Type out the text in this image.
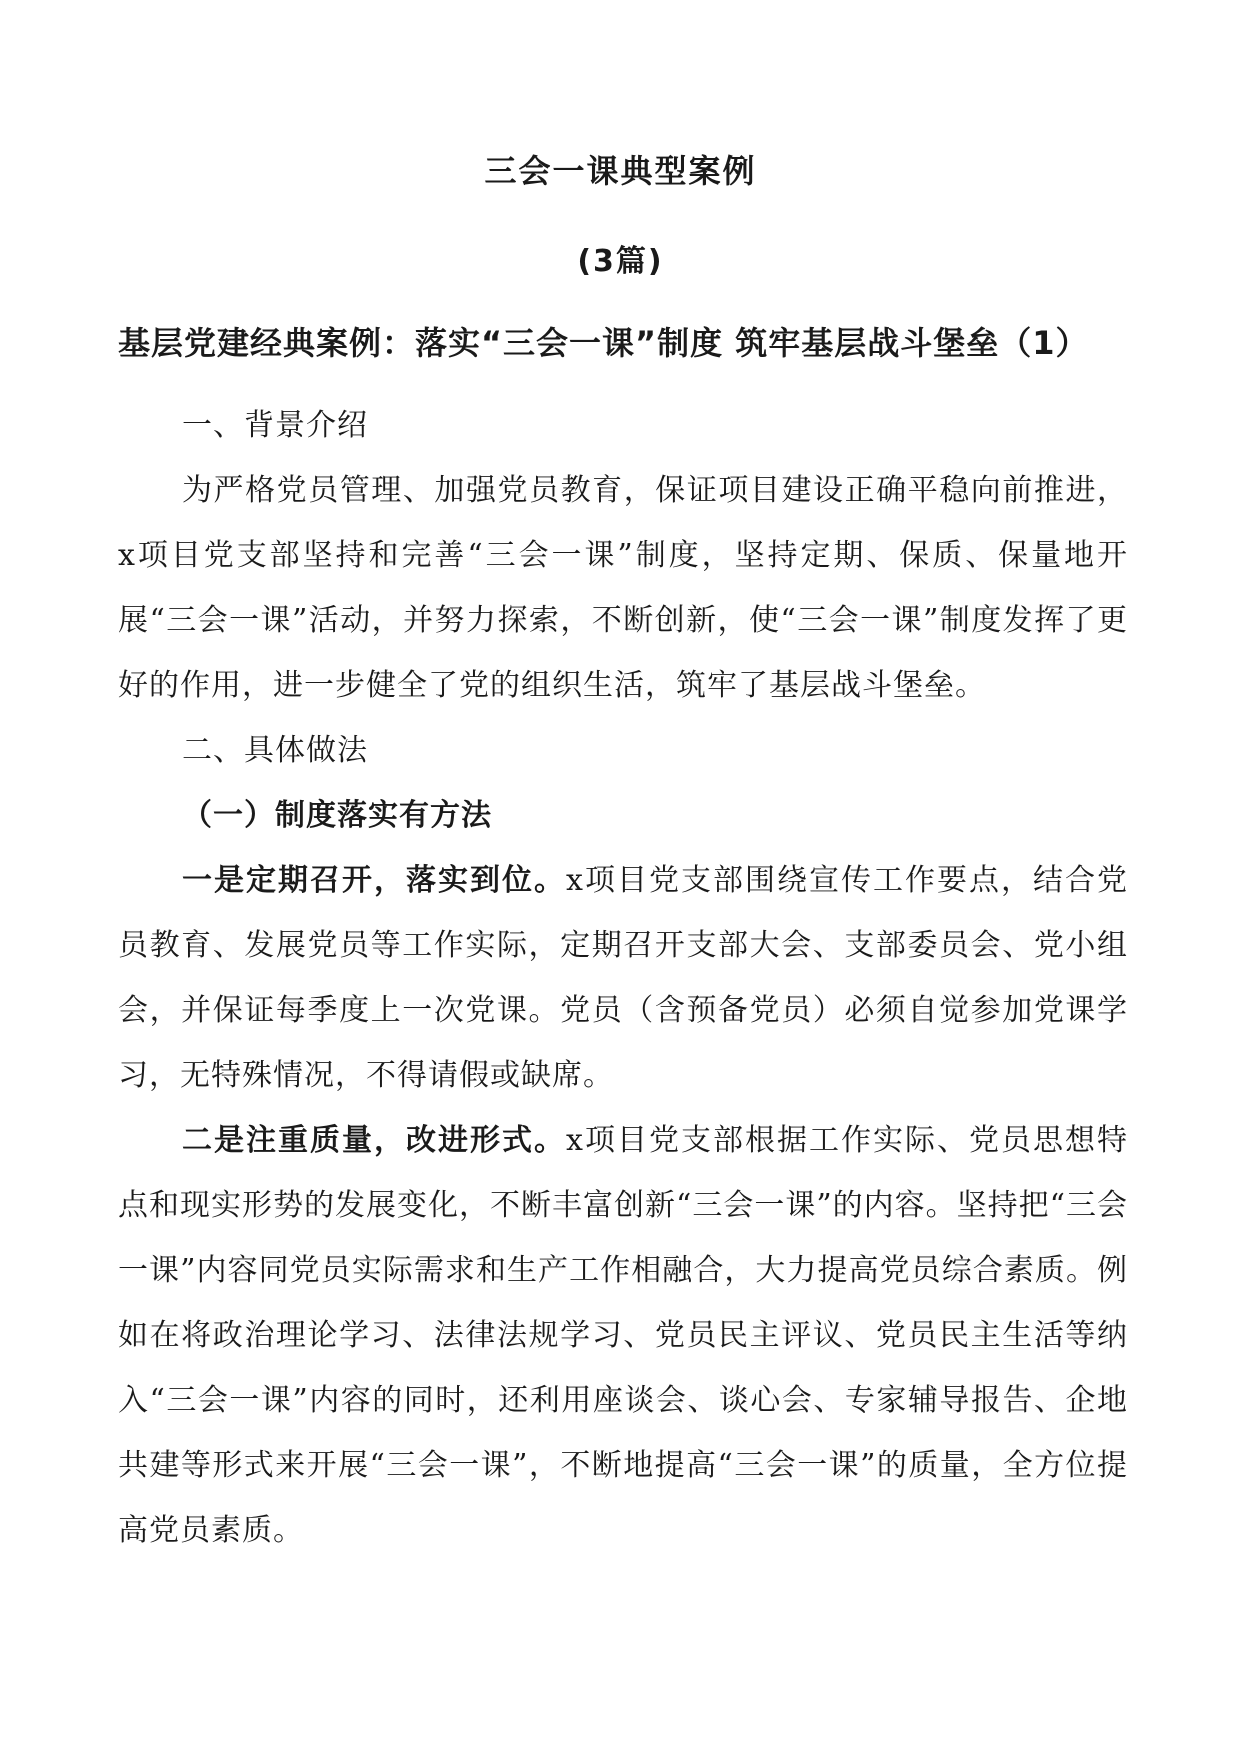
三会一课典型案例
(3篇)
基层党建经典案例：落实“三会一课”制度 筑牢基层战斗堡垒（1）

一、背景介绍

为严格党员管理、加强党员教育，保证项目建设正确平稳向前推进，x项目党支部坚持和完善“三会一课”制度，坚持定期、保质、保量地开展“三会一课”活动，并努力探索，不断创新，使“三会一课”制度发挥了更好的作用，进一步健全了党的组织生活，筑牢了基层战斗堡垒。

二、具体做法

（一）制度落实有方法

一是定期召开，落实到位。x项目党支部围绕宣传工作要点，结合党员教育、发展党员等工作实际，定期召开支部大会、支部委员会、党小组会，并保证每季度上一次党课。党员（含预备党员）必须自觉参加党课学习，无特殊情况，不得请假或缺席。

二是注重质量，改进形式。x项目党支部根据工作实际、党员思想特点和现实形势的发展变化，不断丰富创新“三会一课”的内容。坚持把“三会一课”内容同党员实际需求和生产工作相融合，大力提高党员综合素质。例如在将政治理论学习、法律法规学习、党员民主评议、党员民主生活等纳入“三会一课”内容的同时，还利用座谈会、谈心会、专家辅导报告、企地共建等形式来开展“三会一课”，不断地提高“三会一课”的质量，全方位提高党员素质。
